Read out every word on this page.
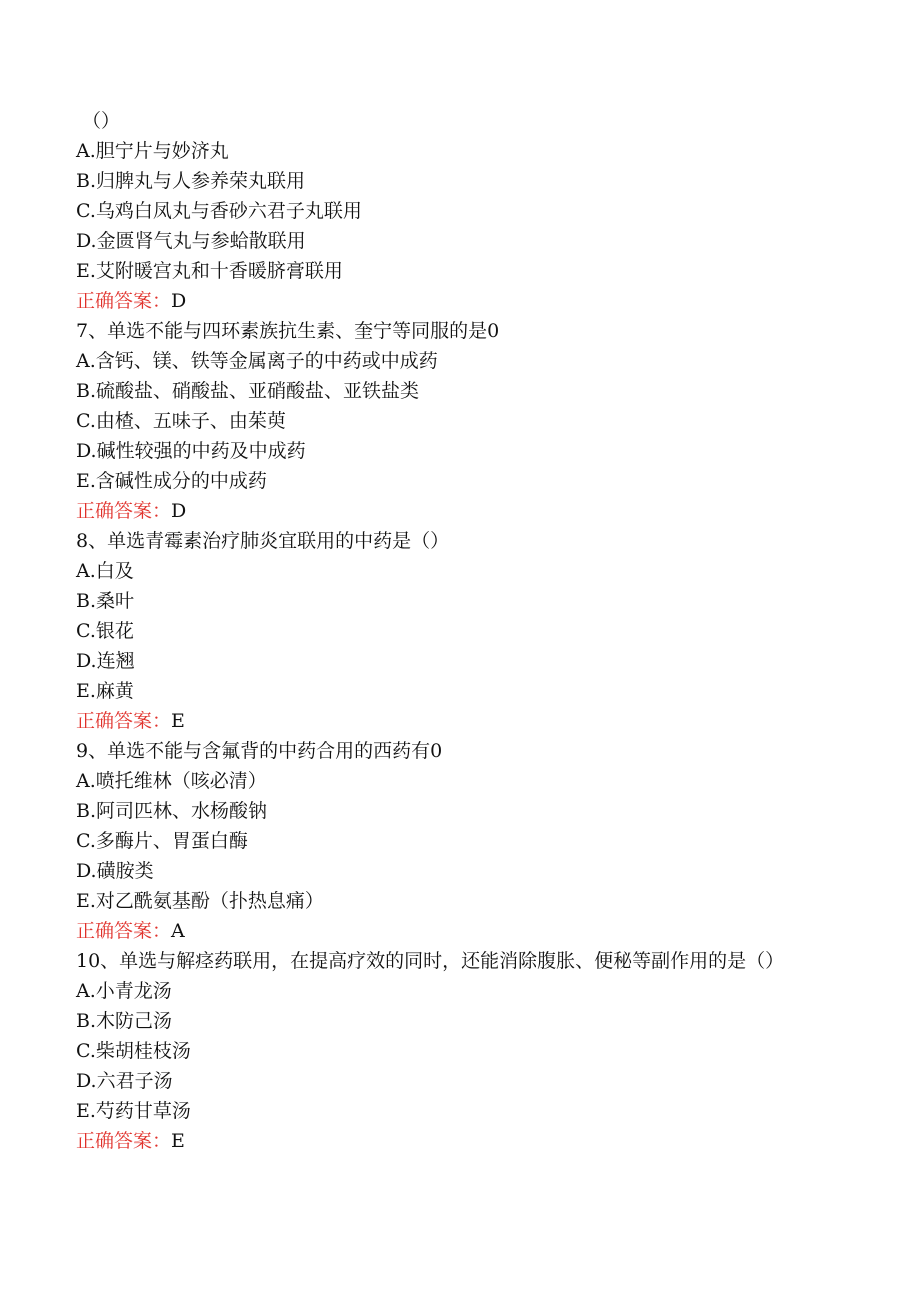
（）
A.胆宁片与妙济丸
B.归脾丸与人参养荣丸联用
C.乌鸡白凤丸与香砂六君子丸联用
D.金匮肾气丸与参蛤散联用
E.艾附暖宫丸和十香暖脐膏联用
正确答案：D
7、单选不能与四环素族抗生素、奎宁等同服的是0
A.含钙、镁、铁等金属离子的中药或中成药
B.硫酸盐、硝酸盐、亚硝酸盐、亚铁盐类
C.由楂、五味子、由茱萸
D.碱性较强的中药及中成药
E.含碱性成分的中成药
正确答案：D
8、单选青霉素治疗肺炎宜联用的中药是（）
A.白及
B.桑叶
C.银花
D.连翘
E.麻黄
正确答案：E
9、单选不能与含氟背的中药合用的西药有0
A.喷托维林（咳必清）
B.阿司匹林、水杨酸钠
C.多酶片、胃蛋白酶
D.磺胺类
E.对乙酰氨基酚（扑热息痛）
正确答案：A
10、单选与解痉药联用，在提高疗效的同时，还能消除腹胀、便秘等副作用的是（）
A.小青龙汤
B.木防己汤
C.柴胡桂枝汤
D.六君子汤
E.芍药甘草汤
正确答案：E
